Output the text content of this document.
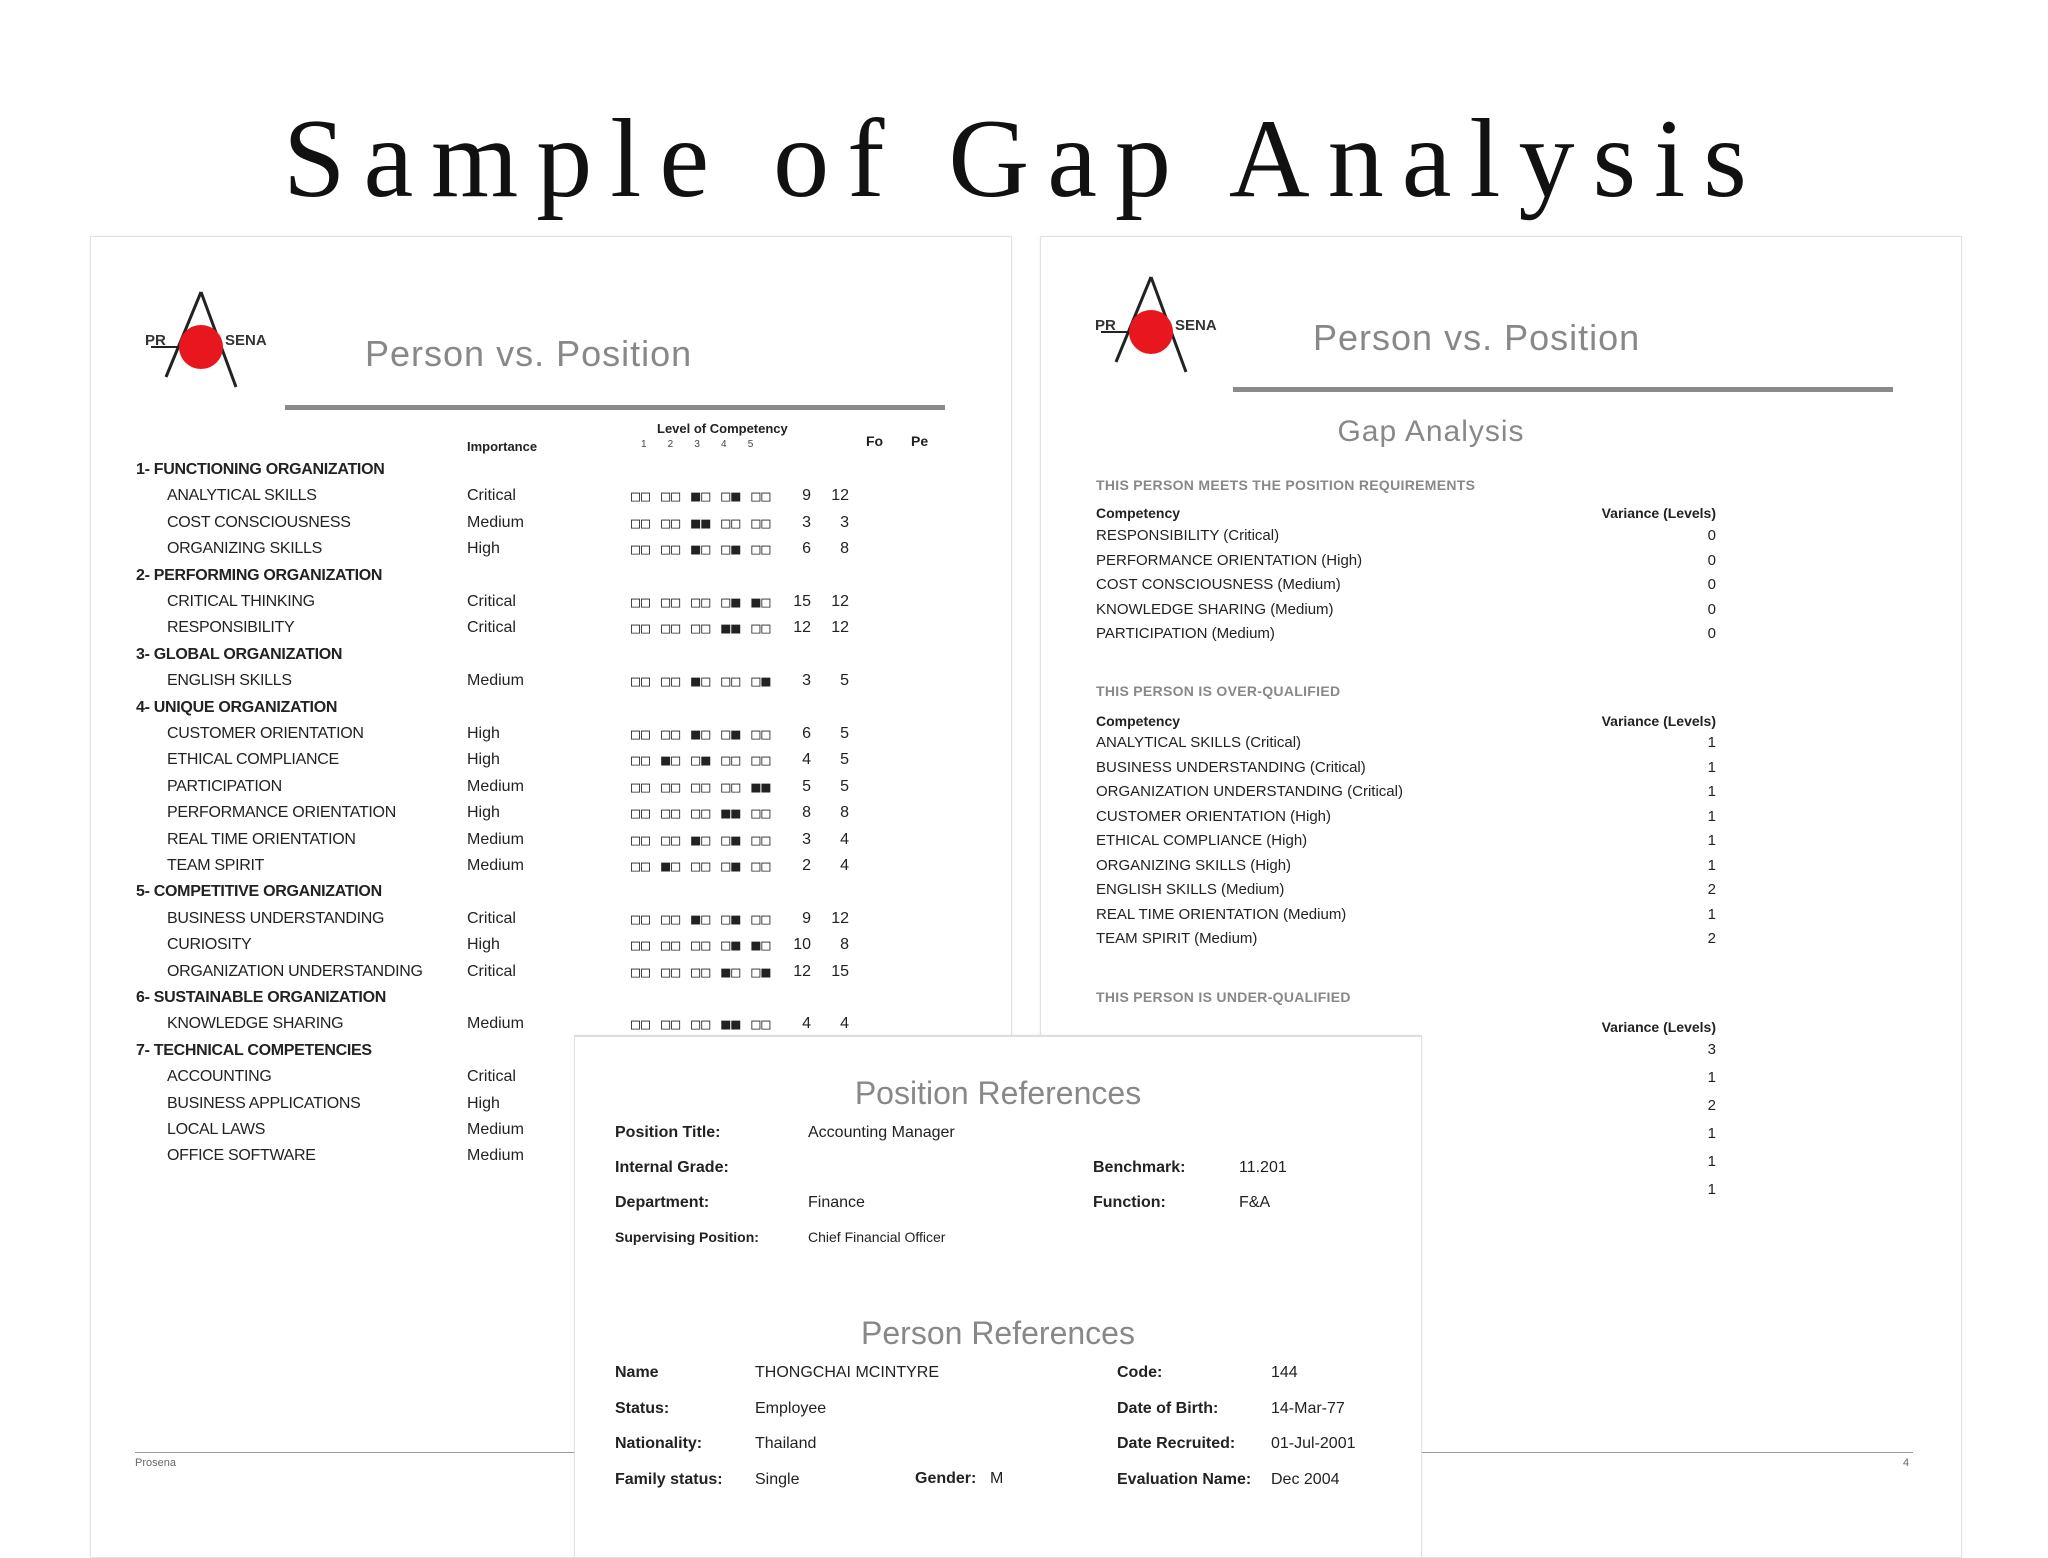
Sample of Gap Analysis
PR	SENA	Person vs. Position
Importance
Level of Competency
1    2    3    4    5	Fo Pe
1- FUNCTIONING ORGANIZATION
ANALYTICAL SKILLS	Critical	□□ □□ ■□ □■ □□	9	12
COST CONSCIOUSNESS	Medium	□□ □□ ■■ □□ □□	3	3
ORGANIZING SKILLS	High	□□ □□ ■□ □■ □□	6	8
2- PERFORMING ORGANIZATION
CRITICAL THINKING	Critical	□□ □□ □□ □■ ■□	15	12
RESPONSIBILITY	Critical	□□ □□ □□ ■■ □□	12	12
3- GLOBAL ORGANIZATION
ENGLISH SKILLS	Medium	□□ □□ ■□ □□ □■	3	5
4- UNIQUE ORGANIZATION
CUSTOMER ORIENTATION	High	□□ □□ ■□ □■ □□	6	5
ETHICAL COMPLIANCE	High	□□ ■□ □■ □□ □□	4	5
PARTICIPATION	Medium	□□ □□ □□ □□ ■■	5	5
PERFORMANCE ORIENTATION	High	□□ □□ □□ ■■ □□	8	8
REAL TIME ORIENTATION	Medium	□□ □□ ■□ □■ □□	3	4
TEAM SPIRIT	Medium	□□ ■□ □□ □■ □□	2	4
5- COMPETITIVE ORGANIZATION
BUSINESS UNDERSTANDING	Critical	□□ □□ ■□ □■ □□	9	12
CURIOSITY	High	□□ □□ □□ □■ ■□	10	8
ORGANIZATION UNDERSTANDING	Critical	□□ □□ □□ ■□ □■	12	15
6- SUSTAINABLE ORGANIZATION
KNOWLEDGE SHARING	Medium	□□ □□ □□ ■■ □□	4	4
7- TECHNICAL COMPETENCIES
ACCOUNTING	Critical
BUSINESS APPLICATIONS	High
LOCAL LAWS	Medium
OFFICE SOFTWARE	Medium
Prosena
PR	SENA	Person vs. Position
Gap Analysis
THIS PERSON MEETS THE POSITION REQUIREMENTS
Competency	Variance (Levels)
RESPONSIBILITY (Critical)	0
PERFORMANCE ORIENTATION (High)	0
COST CONSCIOUSNESS (Medium)	0
KNOWLEDGE SHARING (Medium)	0
PARTICIPATION (Medium)	0
THIS PERSON IS OVER-QUALIFIED
Competency	Variance (Levels)
ANALYTICAL SKILLS (Critical)	1
BUSINESS UNDERSTANDING (Critical)	1
ORGANIZATION UNDERSTANDING (Critical)	1
CUSTOMER ORIENTATION (High)	1
ETHICAL COMPLIANCE (High)	1
ORGANIZING SKILLS (High)	1
ENGLISH SKILLS (Medium)	2
REAL TIME ORIENTATION (Medium)	1
TEAM SPIRIT (Medium)	2
THIS PERSON IS UNDER-QUALIFIED
Variance (Levels)
3
1
2
1
1
1
4
Position References
Position Title:	Accounting Manager
Internal Grade:
Department:	Finance
Supervising Position:	Chief Financial Officer
Benchmark:	11.201
Function:	F&A
Person References
Name	THONGCHAI MCINTYRE
Status:	Employee
Nationality:	Thailand
Family status: Single	Gender: M
Code:	144
Date of Birth:	14-Mar-77
Date Recruited: 01-Jul-2001
Evaluation Name: Dec 2004
